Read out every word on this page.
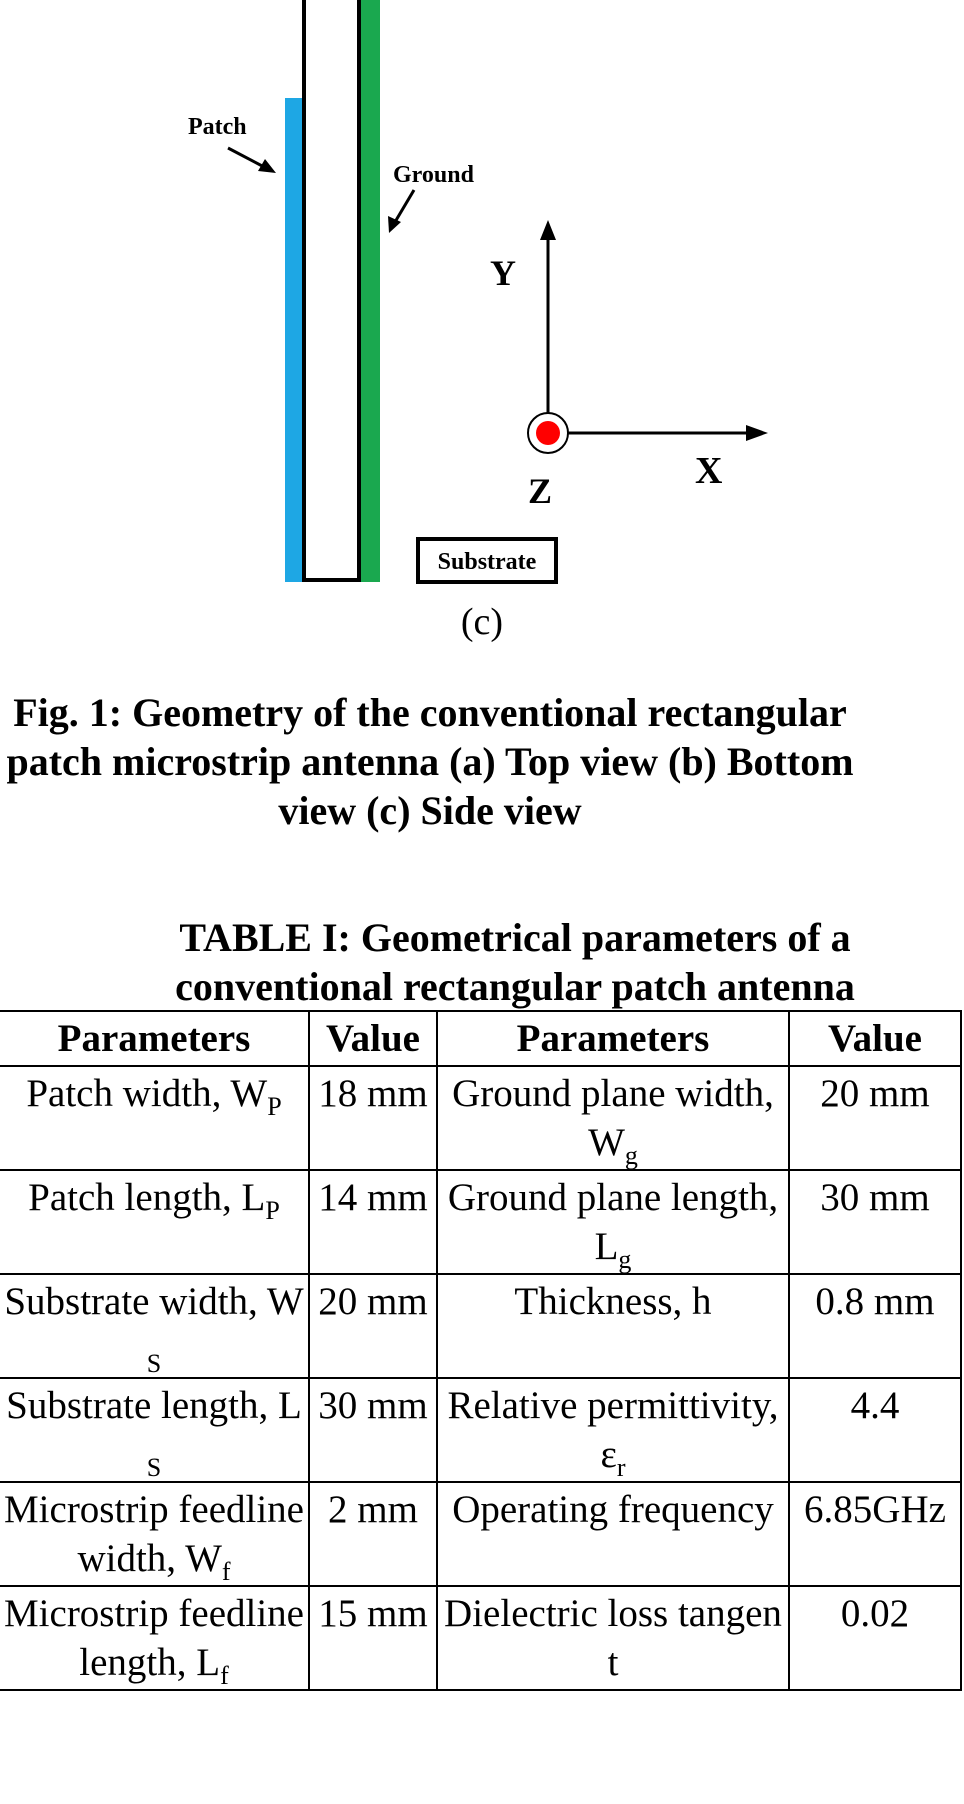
Patch
Ground
Y
X
Z
Substrate
(c)
Fig. 1: Geometry of the conventional rectangular patch microstrip antenna (a) Top view (b) Bottom view (c) Side view
TABLE I: Geometrical parameters of a conventional rectangular patch antenna
Parameters	Value	Parameters	Value
Patch width, $W_P$	18 mm	Ground plane width, $W_g$	20 mm
Patch length, $L_P$	14 mm	Ground plane length, $L_g$	30 mm
Substrate width, $W_S$	20 mm	Thickness, h	0.8 mm
Substrate length, $L_S$	30 mm	Relative permittivity, $\varepsilon_r$	4.4
Microstrip feedline width, $W_f$	2 mm	Operating frequency	6.85GHz
Microstrip feedline length, $L_f$	15 mm	Dielectric loss tangent	0.02
